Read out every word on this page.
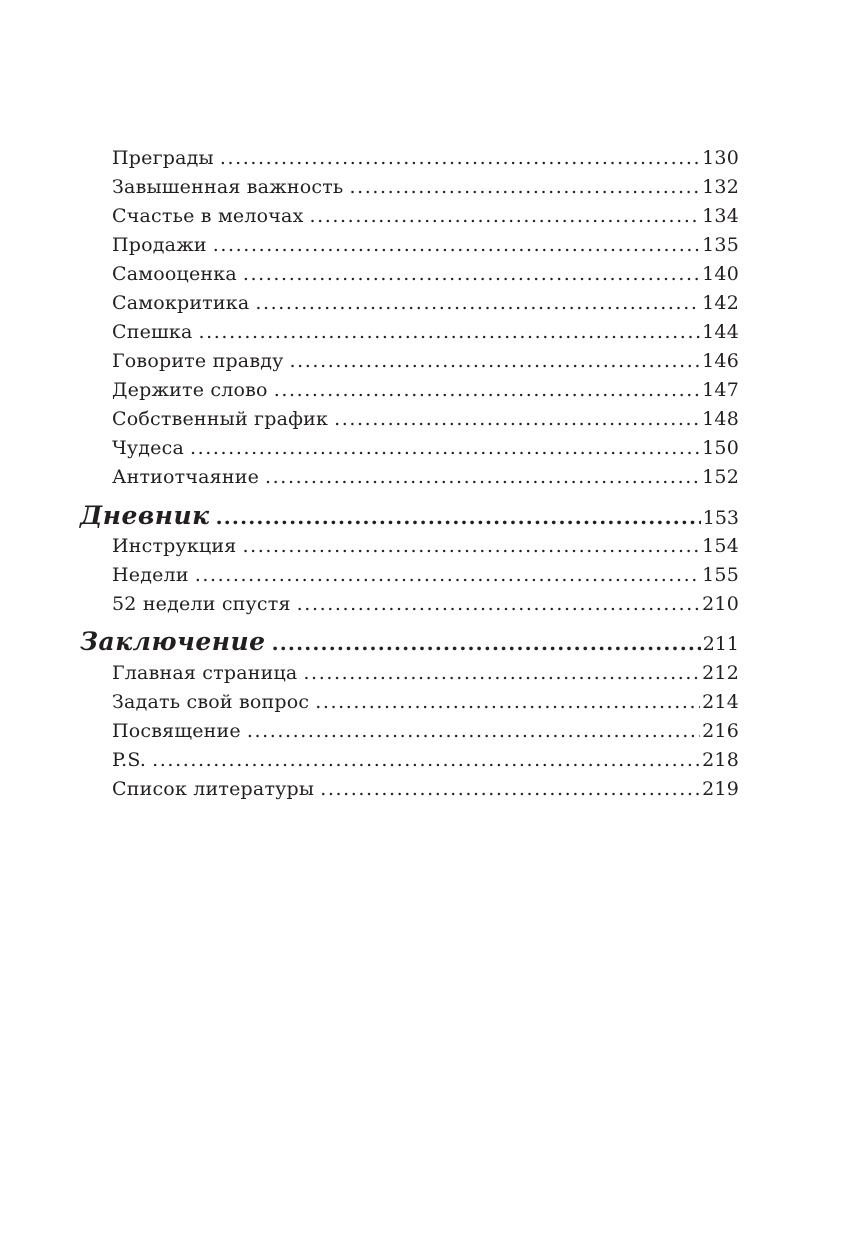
Преграды .....	130
Завышенная важность .....	132
Счастье в мелочах .....	134
Продажи .....	135
Самооценка .....	140
Самокритика .....	142
Спешка .....	144
Говорите правду .....	146
Держите слово .....	147
Собственный график .....	148
Чудеса .....	150
Антиотчаяние .....	152
Дневник .....	153
Инструкция .....	154
Недели .....	155
52 недели спустя .....	210
Заключение .....	211
Главная страница .....	212
Задать свой вопрос .....	214
Посвящение .....	216
P.S. .....	218
Список литературы .....	219
